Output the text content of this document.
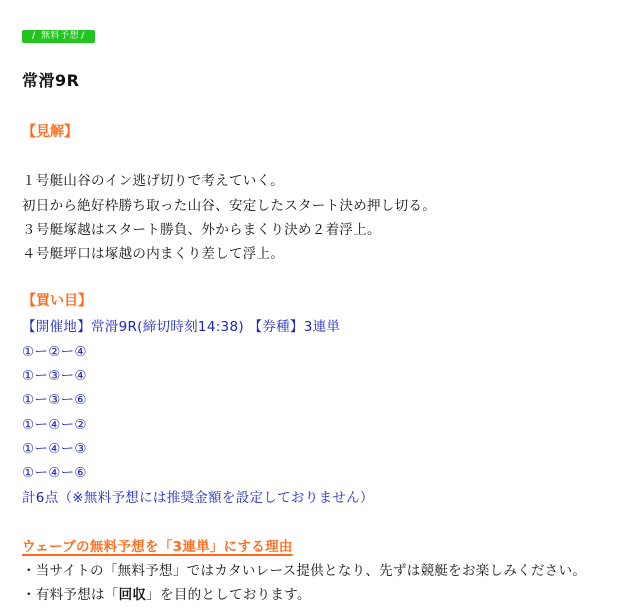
/ 無料予想 /
常滑9R
【見解】
１号艇山谷のイン逃げ切りで考えていく。
初日から絶好枠勝ち取った山谷、安定したスタート決め押し切る。
３号艇塚越はスタート勝負、外からまくり決め２着浮上。
４号艇坪口は塚越の内まくり差して浮上。
【買い目】
【開催地】常滑9R(締切時刻14:38) 【券種】3連単
①ー②ー④
①ー③ー④
①ー③ー⑥
①ー④ー②
①ー④ー③
①ー④ー⑥
計6点（※無料予想には推奨金額を設定しておりません）
ウェーブの無料予想を「3連単」にする理由
・当サイトの「無料予想」ではカタいレース提供となり、先ずは競艇をお楽しみください。
・有料予想は「回収」を目的としております。
